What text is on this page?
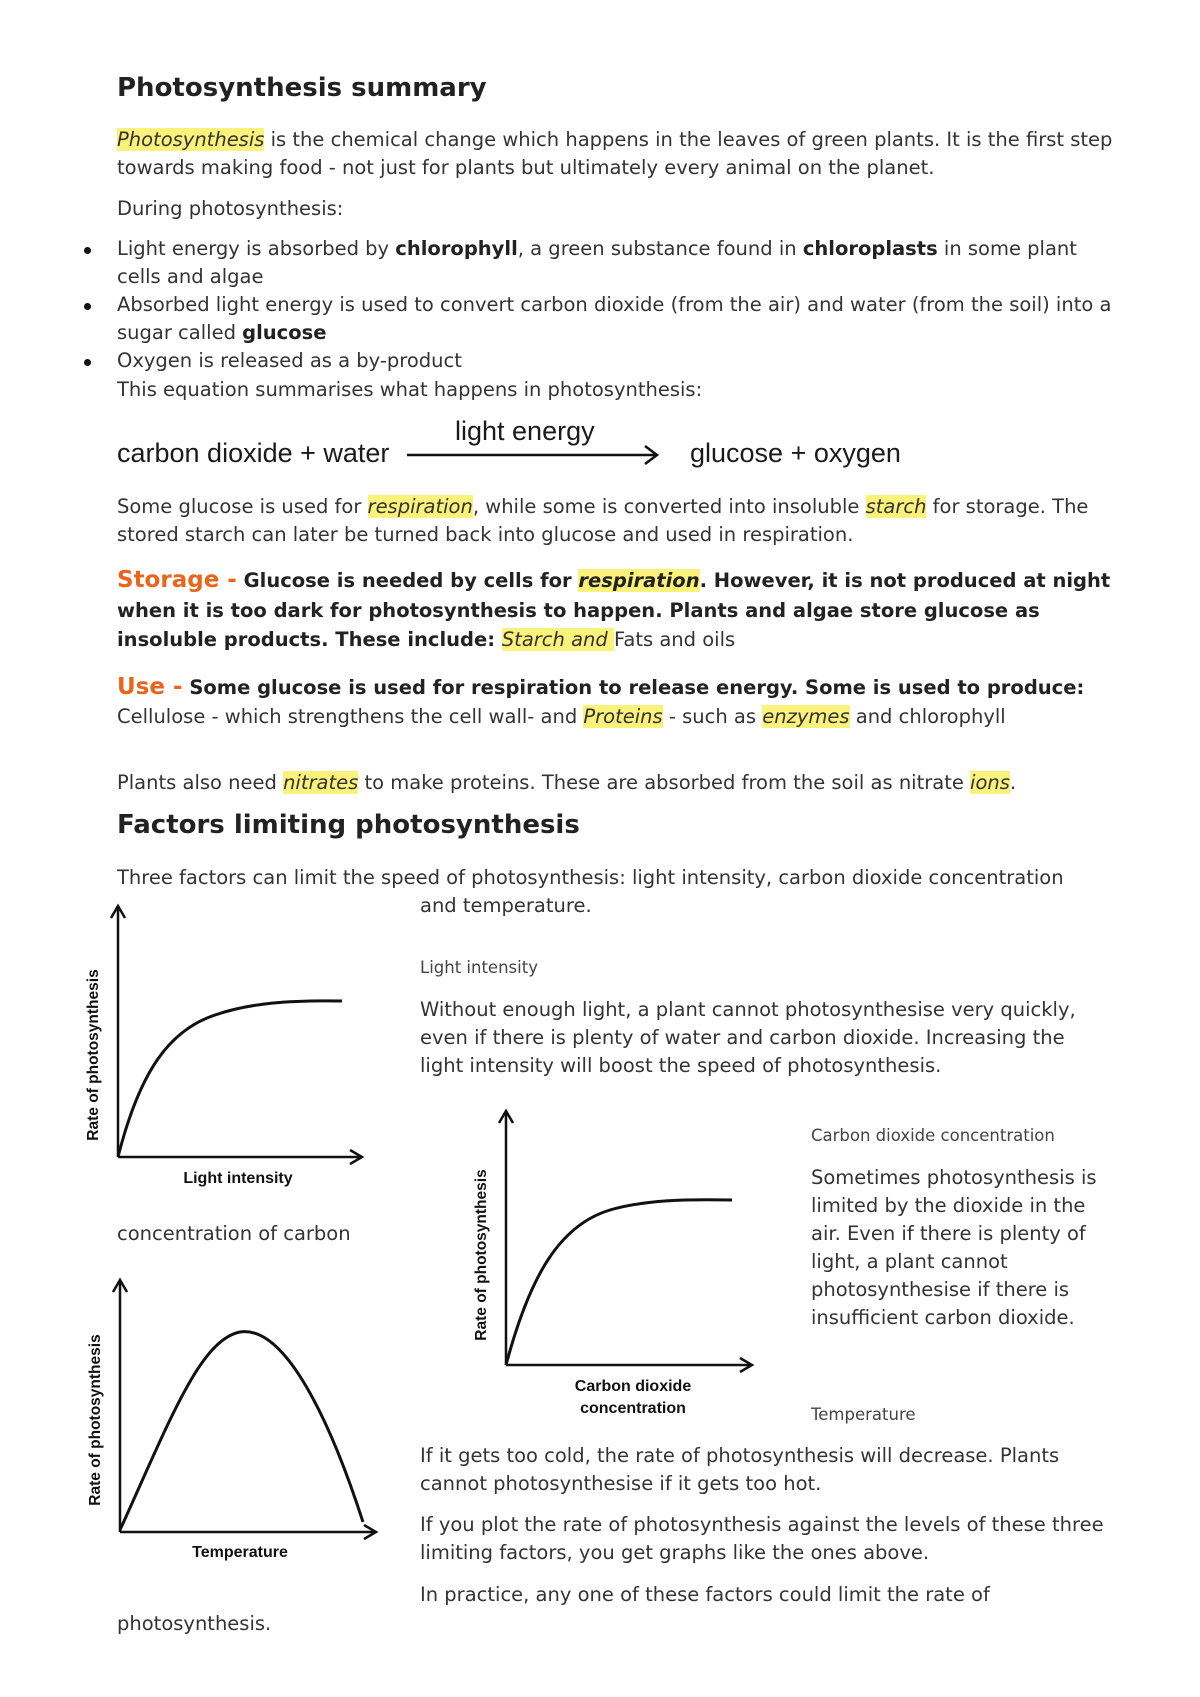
Photosynthesis summary
Photosynthesis is the chemical change which happens in the leaves of green plants. It is the first step towards making food - not just for plants but ultimately every animal on the planet.
During photosynthesis:
Light energy is absorbed by chlorophyll, a green substance found in chloroplasts in some plant cells and algae
Absorbed light energy is used to convert carbon dioxide (from the air) and water (from the soil) into a sugar called glucose
Oxygen is released as a by-product
This equation summarises what happens in photosynthesis:
carbon dioxide + water
light energy
glucose + oxygen
Some glucose is used for respiration, while some is converted into insoluble starch for storage. The stored starch can later be turned back into glucose and used in respiration.
Storage - Glucose is needed by cells for respiration. However, it is not produced at night when it is too dark for photosynthesis to happen. Plants and algae store glucose as insoluble products. These include: Starch and Fats and oils
Use - Some glucose is used for respiration to release energy. Some is used to produce: Cellulose - which strengthens the cell wall- and Proteins - such as enzymes and chlorophyll
Plants also need nitrates to make proteins. These are absorbed from the soil as nitrate ions.
Factors limiting photosynthesis
Three factors can limit the speed of photosynthesis: light intensity, carbon dioxide concentration
and temperature.
Light intensity
Without enough light, a plant cannot photosynthesise very quickly, even if there is plenty of water and carbon dioxide. Increasing the light intensity will boost the speed of photosynthesis.
Carbon dioxide concentration
Sometimes photosynthesis is limited by the dioxide in the air. Even if there is plenty of light, a plant cannot photosynthesise if there is insufficient carbon dioxide.
concentration of carbon
Temperature
If it gets too cold, the rate of photosynthesis will decrease. Plants cannot photosynthesise if it gets too hot.
If you plot the rate of photosynthesis against the levels of these three limiting factors, you get graphs like the ones above.
In practice, any one of these factors could limit the rate of
photosynthesis.
Rate of photosynthesis
Light intensity	Rate of photosynthesis
Carbon dioxide
concentration
Rate of photosynthesis
Temperature
